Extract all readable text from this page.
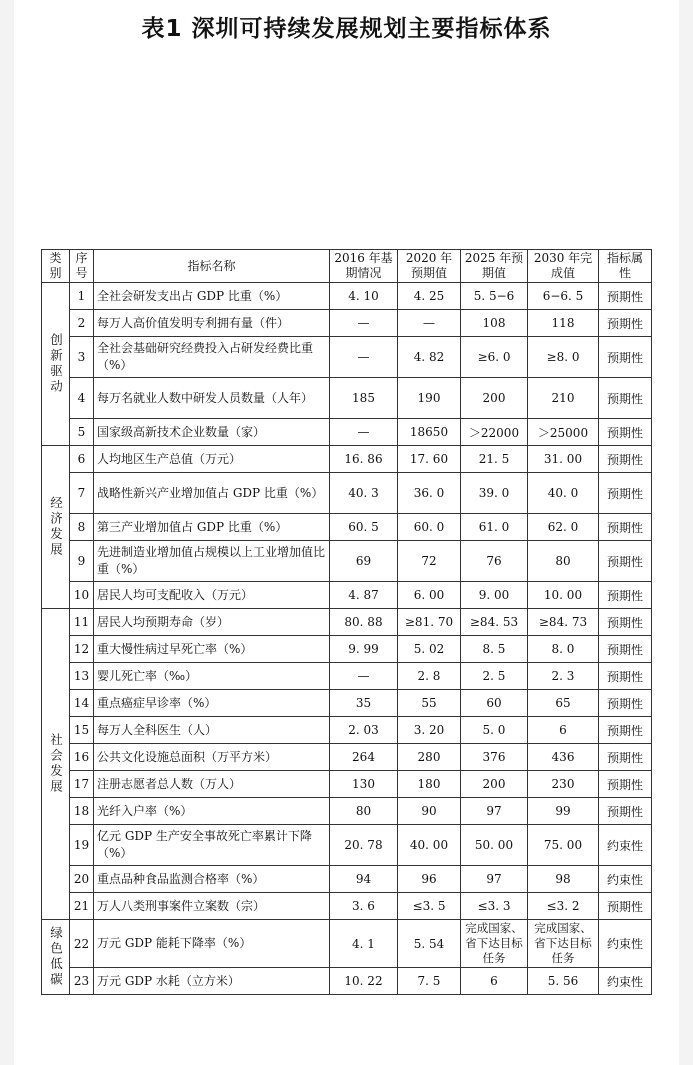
表1 深圳可持续发展规划主要指标体系
类别	序号	指标名称	2016 年基期情况	2020 年预期值	2025 年预期值	2030 年完成值	指标属性
创新驱动	1	全社会研发支出占 GDP 比重（%）	4. 10	4. 25	5. 5−6	6−6. 5	预期性
	2	每万人高价值发明专利拥有量（件）	—	—	108	118	预期性
	3	全社会基础研究经费投入占研发经费比重（%）	—	4. 82	≥6. 0	≥8. 0	预期性
	4	每万名就业人数中研发人员数量（人年）	185	190	200	210	预期性
	5	国家级高新技术企业数量（家）	—	18650	＞22000	＞25000	预期性
经济发展	6	人均地区生产总值（万元）	16. 86	17. 60	21. 5	31. 00	预期性
	7	战略性新兴产业增加值占 GDP 比重（%）	40. 3	36. 0	39. 0	40. 0	预期性
	8	第三产业增加值占 GDP 比重（%）	60. 5	60. 0	61. 0	62. 0	预期性
	9	先进制造业增加值占规模以上工业增加值比重（%）	69	72	76	80	预期性
	10	居民人均可支配收入（万元）	4. 87	6. 00	9. 00	10. 00	预期性
社会发展	11	居民人均预期寿命（岁）	80. 88	≥81. 70	≥84. 53	≥84. 73	预期性
	12	重大慢性病过早死亡率（%）	9. 99	5. 02	8. 5	8. 0	预期性
	13	婴儿死亡率（‰）	—	2. 8	2. 5	2. 3	预期性
	14	重点癌症早诊率（%）	35	55	60	65	预期性
	15	每万人全科医生（人）	2. 03	3. 20	5. 0	6	预期性
	16	公共文化设施总面积（万平方米）	264	280	376	436	预期性
	17	注册志愿者总人数（万人）	130	180	200	230	预期性
	18	光纤入户率（%）	80	90	97	99	预期性
	19	亿元 GDP 生产安全事故死亡率累计下降（%）	20. 78	40. 00	50. 00	75. 00	约束性
	20	重点品种食品监测合格率（%）	94	96	97	98	约束性
	21	万人八类刑事案件立案数（宗）	3. 6	≤3. 5	≤3. 3	≤3. 2	预期性
绿色低碳	22	万元 GDP 能耗下降率（%）	4. 1	5. 54	完成国家、省下达目标任务	完成国家、省下达目标任务	约束性
	23	万元 GDP 水耗（立方米）	10. 22	7. 5	6	5. 56	约束性
